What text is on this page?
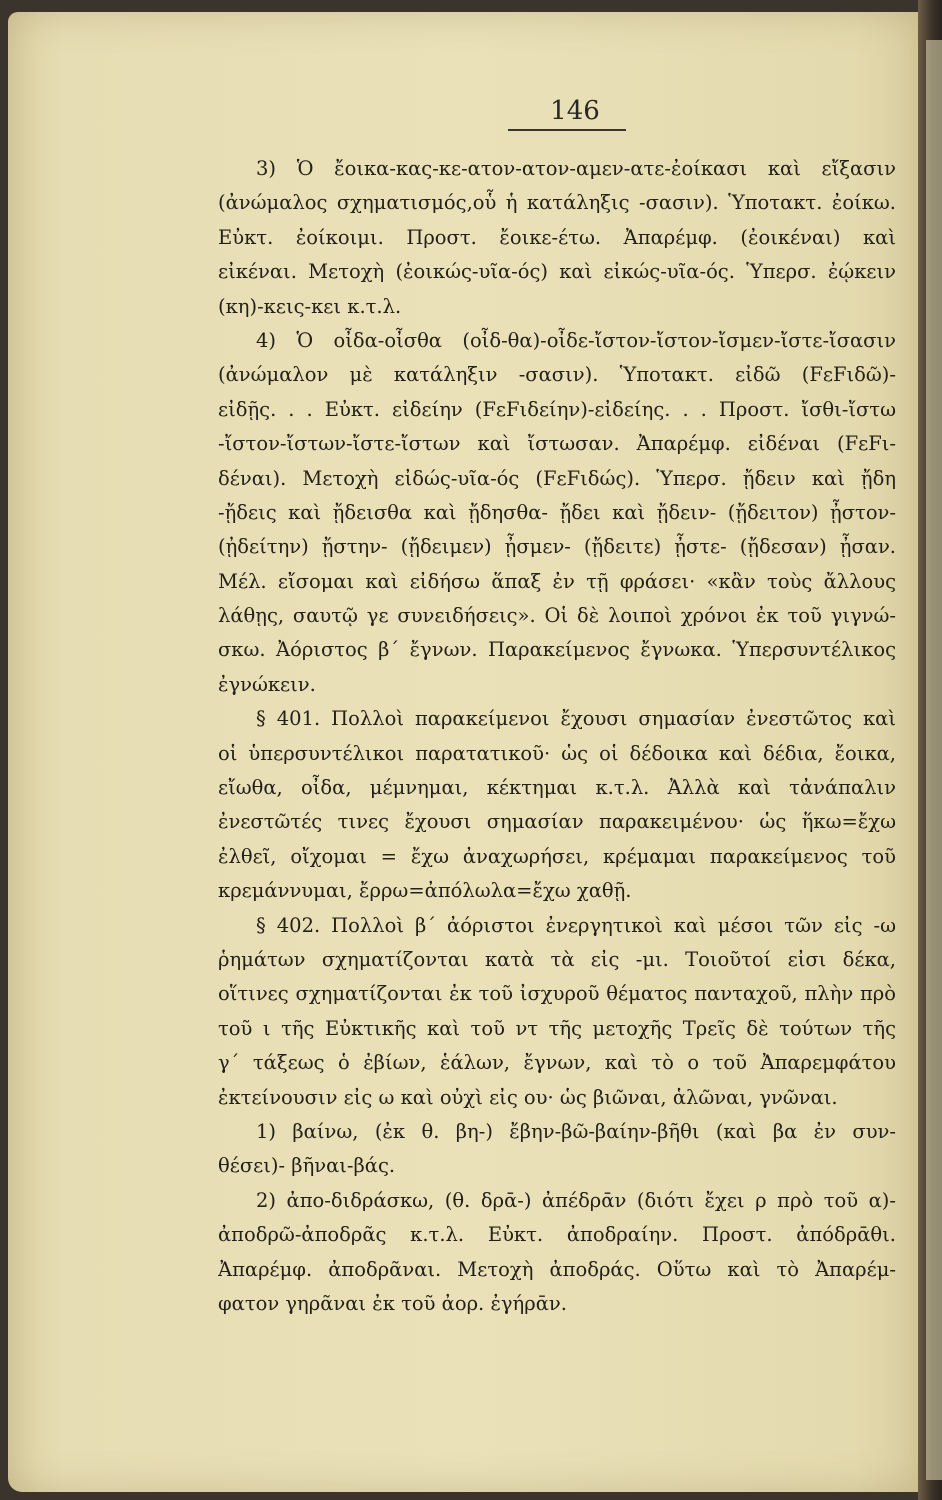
146
3) Ὁ ἔοικα-κας-κε-ατον-ατον-αμεν-ατε-ἐοίκασι καὶ εἴξασιν
(ἀνώμαλος σχηματισμός,οὗ ἡ κατάληξις -σασιν). Ὑποτακτ. ἐοίκω.
Εὐκτ. ἐοίκοιμι. Προστ. ἔοικε-έτω. Ἀπαρέμφ. (ἐοικέναι) καὶ
εἰκέναι. Μετοχὴ (ἐοικώς-υῖα-ός) καὶ εἰκώς-υῖα-ός. Ὑπερσ. ἐῴκειν
(κη)-κεις-κει κ.τ.λ.
4) Ὁ οἶδα-οἶσθα (οἶδ-θα)-οἶδε-ἴστον-ἴστον-ἴσμεν-ἴστε-ἴσασιν
(ἀνώμαλον μὲ κατάληξιν -σασιν). Ὑποτακτ. εἰδῶ (FεFιδῶ)-
εἰδῇς. . . Εὐκτ. εἰδείην (FεFιδείην)-εἰδείης. . . Προστ. ἴσθι-ἴστω
-ἴστον-ἴστων-ἴστε-ἴστων καὶ ἴστωσαν. Ἀπαρέμφ. εἰδέναι (FεFι-
δέναι). Μετοχὴ εἰδώς-υῖα-ός (FεFιδώς). Ὑπερσ. ᾔδειν καὶ ᾔδη
-ᾔδεις καὶ ᾔδεισθα καὶ ᾔδησθα- ᾔδει καὶ ᾔδειν- (ᾔδειτον) ᾖστον-
(ᾐδείτην) ᾔστην- (ᾔδειμεν) ᾖσμεν- (ᾔδειτε) ᾖστε- (ᾔδεσαν) ᾖσαν.
Μέλ. εἴσομαι καὶ εἰδήσω ἅπαξ ἐν τῇ φράσει· «κἂν τοὺς ἄλλους
λάθῃς, σαυτῷ γε συνειδήσεις». Οἱ δὲ λοιποὶ χρόνοι ἐκ τοῦ γιγνώ-
σκω. Ἀόριστος β΄ ἔγνων. Παρακείμενος ἔγνωκα. Ὑπερσυντέλικος
ἐγνώκειν.
§ 401. Πολλοὶ παρακείμενοι ἔχουσι σημασίαν ἐνεστῶτος καὶ
οἱ ὑπερσυντέλικοι παρατατικοῦ· ὡς οἱ δέδοικα καὶ δέδια, ἔοικα,
εἴωθα, οἶδα, μέμνημαι, κέκτημαι κ.τ.λ. Ἀλλὰ καὶ τἀνάπαλιν
ἐνεστῶτές τινες ἔχουσι σημασίαν παρακειμένου· ὡς ἥκω=ἔχω
ἐλθεῖ, οἴχομαι = ἔχω ἀναχωρήσει, κρέμαμαι παρακείμενος τοῦ
κρεμάννυμαι, ἔρρω=ἀπόλωλα=ἔχω χαθῇ.
§ 402. Πολλοὶ β΄ ἀόριστοι ἐνεργητικοὶ καὶ μέσοι τῶν εἰς -ω
ῥημάτων σχηματίζονται κατὰ τὰ εἰς -μι. Τοιοῦτοί εἰσι δέκα,
οἵτινες σχηματίζονται ἐκ τοῦ ἰσχυροῦ θέματος πανταχοῦ, πλὴν πρὸ
τοῦ ι τῆς Εὐκτικῆς καὶ τοῦ ντ τῆς μετοχῆς Τρεῖς δὲ τούτων τῆς
γ΄ τάξεως ὁ ἐβίων, ἑάλων, ἔγνων, καὶ τὸ ο τοῦ Ἀπαρεμφάτου
ἐκτείνουσιν εἰς ω καὶ οὐχὶ εἰς ου· ὡς βιῶναι, ἁλῶναι, γνῶναι.
1) βαίνω, (ἐκ θ. βη-) ἔβην-βῶ-βαίην-βῆθι (καὶ βα ἐν συν-
θέσει)- βῆναι-βάς.
2) ἀπο-διδράσκω, (θ. δρᾱ-) ἀπέδρᾱν (διότι ἔχει ρ πρὸ τοῦ α)-
ἀποδρῶ-ἀποδρᾶς κ.τ.λ. Εὐκτ. ἀποδραίην. Προστ. ἀπόδρᾱθι.
Ἀπαρέμφ. ἀποδρᾶναι. Μετοχὴ ἀποδράς. Οὕτω καὶ τὸ Ἀπαρέμ-
φατον γηρᾶναι ἐκ τοῦ ἀορ. ἐγήρᾱν.
